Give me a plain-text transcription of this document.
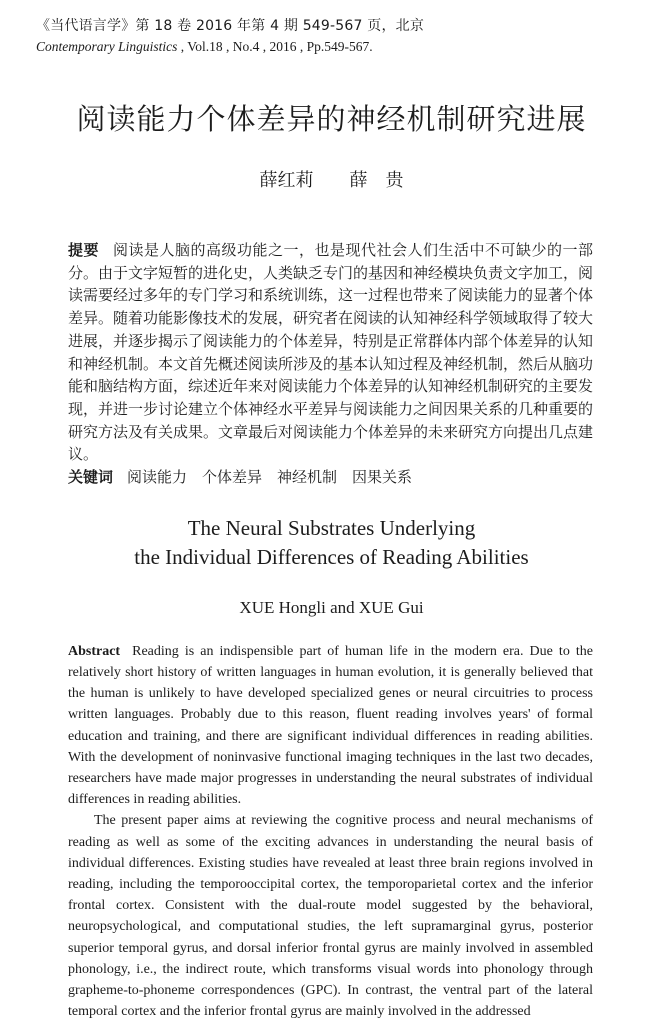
《当代语言学》第 18 卷 2016 年第 4 期 549-567 页，北京
Contemporary Linguistics , Vol.18 , No.4 , 2016 , Pp.549-567.
阅读能力个体差异的神经机制研究进展
薛红莉　　薛　贵

提要 阅读是人脑的高级功能之一，也是现代社会人们生活中不可缺少的一部分。由于文字短暂的进化史，人类缺乏专门的基因和神经模块负责文字加工，阅读需要经过多年的专门学习和系统训练，这一过程也带来了阅读能力的显著个体差异。随着功能影像技术的发展，研究者在阅读的认知神经科学领域取得了较大进展，并逐步揭示了阅读能力的个体差异，特别是正常群体内部个体差异的认知和神经机制。本文首先概述阅读所涉及的基本认知过程及神经机制，然后从脑功能和脑结构方面，综述近年来对阅读能力个体差异的认知神经机制研究的主要发现，并进一步讨论建立个体神经水平差异与阅读能力之间因果关系的几种重要的研究方法及有关成果。文章最后对阅读能力个体差异的未来研究方向提出几点建议。

关键词 阅读能力　个体差异　神经机制　因果关系

The Neural Substrates Underlying
the Individual Differences of Reading Abilities
XUE Hongli and XUE Gui

Abstract Reading is an indispensible part of human life in the modern era. Due to the relatively short history of written languages in human evolution, it is generally believed that the human is unlikely to have developed specialized genes or neural circuitries to process written languages. Probably due to this reason, fluent reading involves years' of formal education and training, and there are significant individual differences in reading abilities. With the development of noninvasive functional imaging techniques in the last two decades, researchers have made major progresses in understanding the neural substrates of individual differences in reading abilities.

The present paper aims at reviewing the cognitive process and neural mechanisms of reading as well as some of the exciting advances in understanding the neural basis of individual differences. Existing studies have revealed at least three brain regions involved in reading, including the temporooccipital cortex, the temporoparietal cortex and the inferior frontal cortex. Consistent with the dual-route model suggested by the behavioral, neuropsychological, and computational studies, the left supramarginal gyrus, posterior superior temporal gyrus, and dorsal inferior frontal gyrus are mainly involved in assembled phonology, i.e., the indirect route, which transforms visual words into phonology through grapheme-to-phoneme correspondences (GPC). In contrast, the ventral part of the lateral temporal cortex and the inferior frontal gyrus are mainly involved in the addressed
